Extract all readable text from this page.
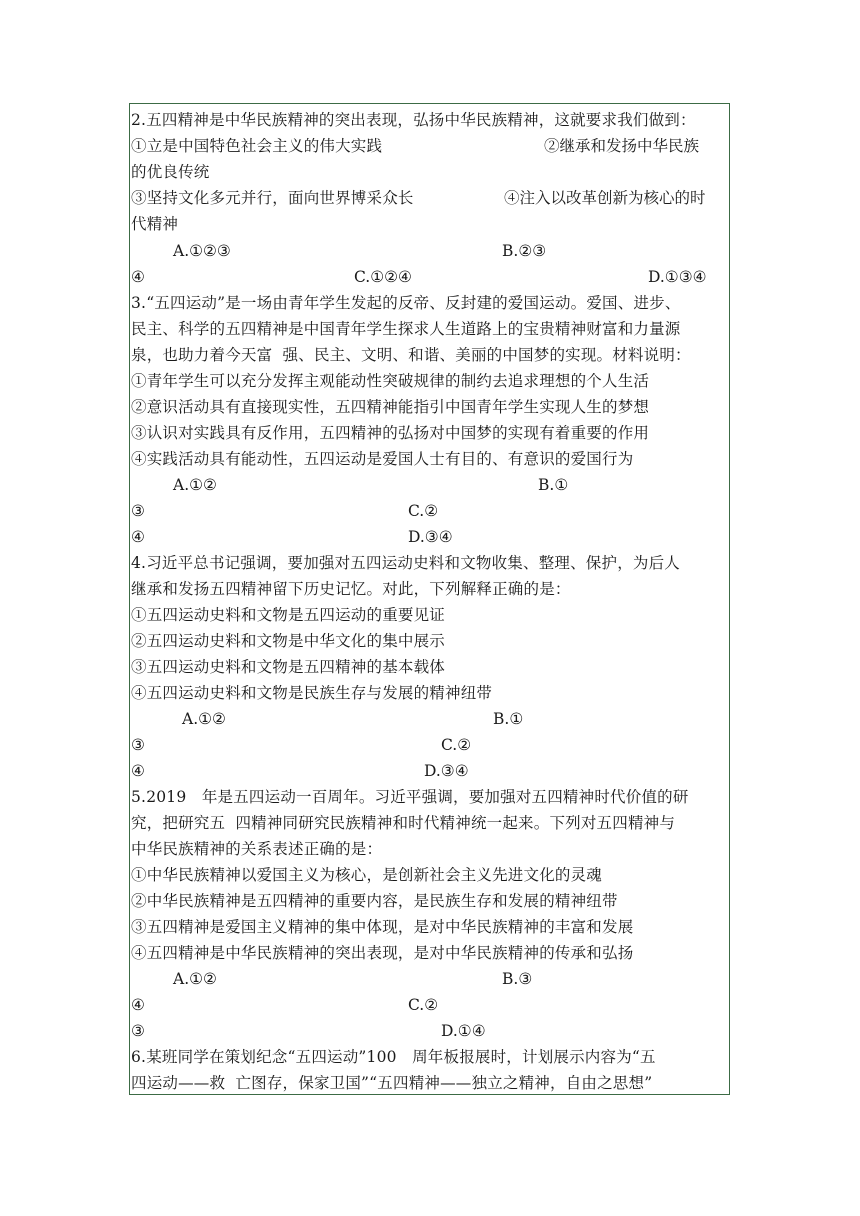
2.五四精神是中华民族精神的突出表现，弘扬中华民族精神，这就要求我们做到：
①立是中国特色社会主义的伟大实践	②继承和发扬中华民族
的优良传统
③坚持文化多元并行，面向世界博采众长	④注入以改革创新为核心的时
代精神
A.①②③	B.②③
④	C.①②④	D.①③④
3.“五四运动”是一场由青年学生发起的反帝、反封建的爱国运动。爱国、进步、
民主、科学的五四精神是中国青年学生探求人生道路上的宝贵精神财富和力量源
泉，也助力着今天富  强、民主、文明、和谐、美丽的中国梦的实现。材料说明：
①青年学生可以充分发挥主观能动性突破规律的制约去追求理想的个人生活
②意识活动具有直接现实性，五四精神能指引中国青年学生实现人生的梦想
③认识对实践具有反作用，五四精神的弘扬对中国梦的实现有着重要的作用
④实践活动具有能动性，五四运动是爱国人士有目的、有意识的爱国行为
A.①②	B.①
③	C.②
④	D.③④
4.习近平总书记强调，要加强对五四运动史料和文物收集、整理、保护，为后人
继承和发扬五四精神留下历史记忆。对此，下列解释正确的是：
①五四运动史料和文物是五四运动的重要见证
②五四运动史料和文物是中华文化的集中展示
③五四运动史料和文物是五四精神的基本载体
④五四运动史料和文物是民族生存与发展的精神纽带
A.①②	B.①
③	C.②
④	D.③④
5.2019   年是五四运动一百周年。习近平强调，要加强对五四精神时代价值的研
究，把研究五  四精神同研究民族精神和时代精神统一起来。下列对五四精神与
中华民族精神的关系表述正确的是：
①中华民族精神以爱国主义为核心，是创新社会主义先进文化的灵魂
②中华民族精神是五四精神的重要内容，是民族生存和发展的精神纽带
③五四精神是爱国主义精神的集中体现，是对中华民族精神的丰富和发展
④五四精神是中华民族精神的突出表现，是对中华民族精神的传承和弘扬
A.①②	B.③
④	C.②
③	D.①④
6.某班同学在策划纪念“五四运动”100   周年板报展时，计划展示内容为“五
四运动——救  亡图存，保家卫国”“五四精神——独立之精神，自由之思想”
